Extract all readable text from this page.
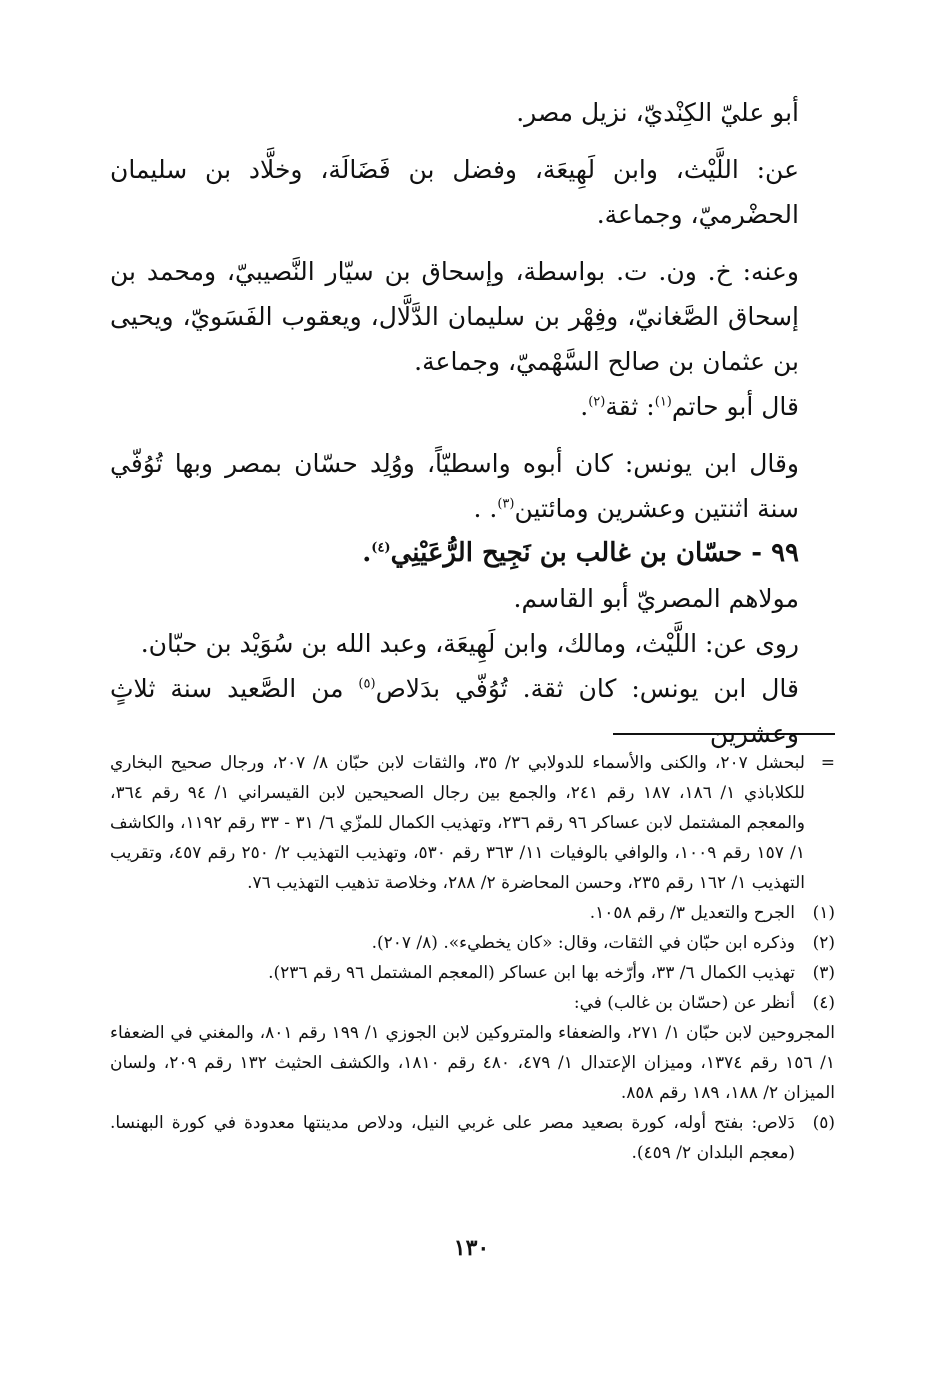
أبو عليّ الكِنْديّ، نزيل مصر.

عن: اللَّيْث، وابن لَهِيعَة، وفضل بن فَضَالَة، وخلَّاد بن سليمان الحضْرميّ، وجماعة.

وعنه: خ. ون. ت. بواسطة، وإسحاق بن سيّار النَّصيبيّ، ومحمد بن إسحاق الصَّغانيّ، وفِهْر بن سليمان الدَّلَّال، ويعقوب الفَسَويّ، ويحيى بن عثمان بن صالح السَّهْميّ، وجماعة.

قال أبو حاتم$^{(١)}$: ثقة$^{(٢)}$.

وقال ابن يونس: كان أبوه واسطيّاً، ووُلِد حسّان بمصر وبها تُوُفّي سنة اثنتين وعشرين ومائتين$^{(٣)}$. .

٩٩ - حسّان بن غالب بن نَجِيح الرُّعَيْنِي$^{(٤)}$.

مولاهم المصريّ أبو القاسم.

روى عن: اللَّيْث، ومالك، وابن لَهِيعَة، وعبد الله بن سُوَيْد بن حبّان.

قال ابن يونس: كان ثقة. تُوُفّي بدَلاص$^{(٥)}$ من الصَّعيد سنة ثلاثٍ وعشرين

=
لبحشل ٢٠٧، والكنى والأسماء للدولابي ٢/ ٣٥، والثقات لابن حبّان ٨/ ٢٠٧، ورجال صحيح البخاري للكلاباذي ١/ ١٨٦، ١٨٧ رقم ٢٤١، والجمع بين رجال الصحيحين لابن القيسراني ١/ ٩٤ رقم ٣٦٤، والمعجم المشتمل لابن عساكر ٩٦ رقم ٢٣٦، وتهذيب الكمال للمزّي ٦/ ٣١ - ٣٣ رقم ١١٩٢، والكاشف ١/ ١٥٧ رقم ١٠٠٩، والوافي بالوفيات ١١/ ٣٦٣ رقم ٥٣٠، وتهذيب التهذيب ٢/ ٢٥٠ رقم ٤٥٧، وتقريب التهذيب ١/ ١٦٢ رقم ٢٣٥، وحسن المحاضرة ٢/ ٢٨٨، وخلاصة تذهيب التهذيب ٧٦.

(١)
الجرح والتعديل ٣/ رقم ١٠٥٨.

(٢)
وذكره ابن حبّان في الثقات، وقال: «كان يخطيء». (٨/ ٢٠٧).

(٣)
تهذيب الكمال ٦/ ٣٣، وأرّخه بها ابن عساكر (المعجم المشتمل ٩٦ رقم ٢٣٦).

(٤)
أنظر عن (حسّان بن غالب) في:

المجروحين لابن حبّان ١/ ٢٧١، والضعفاء والمتروكين لابن الجوزي ١/ ١٩٩ رقم ٨٠١، والمغني في الضعفاء ١/ ١٥٦ رقم ١٣٧٤، وميزان الإعتدال ١/ ٤٧٩، ٤٨٠ رقم ١٨١٠، والكشف الحثيث ١٣٢ رقم ٢٠٩، ولسان الميزان ٢/ ١٨٨، ١٨٩ رقم ٨٥٨.

(٥)
دَلاص: بفتح أوله، كورة بصعيد مصر على غربي النيل، ودلاص مدينتها معدودة في كورة البهنسا. (معجم البلدان ٢/ ٤٥٩).

١٣٠
